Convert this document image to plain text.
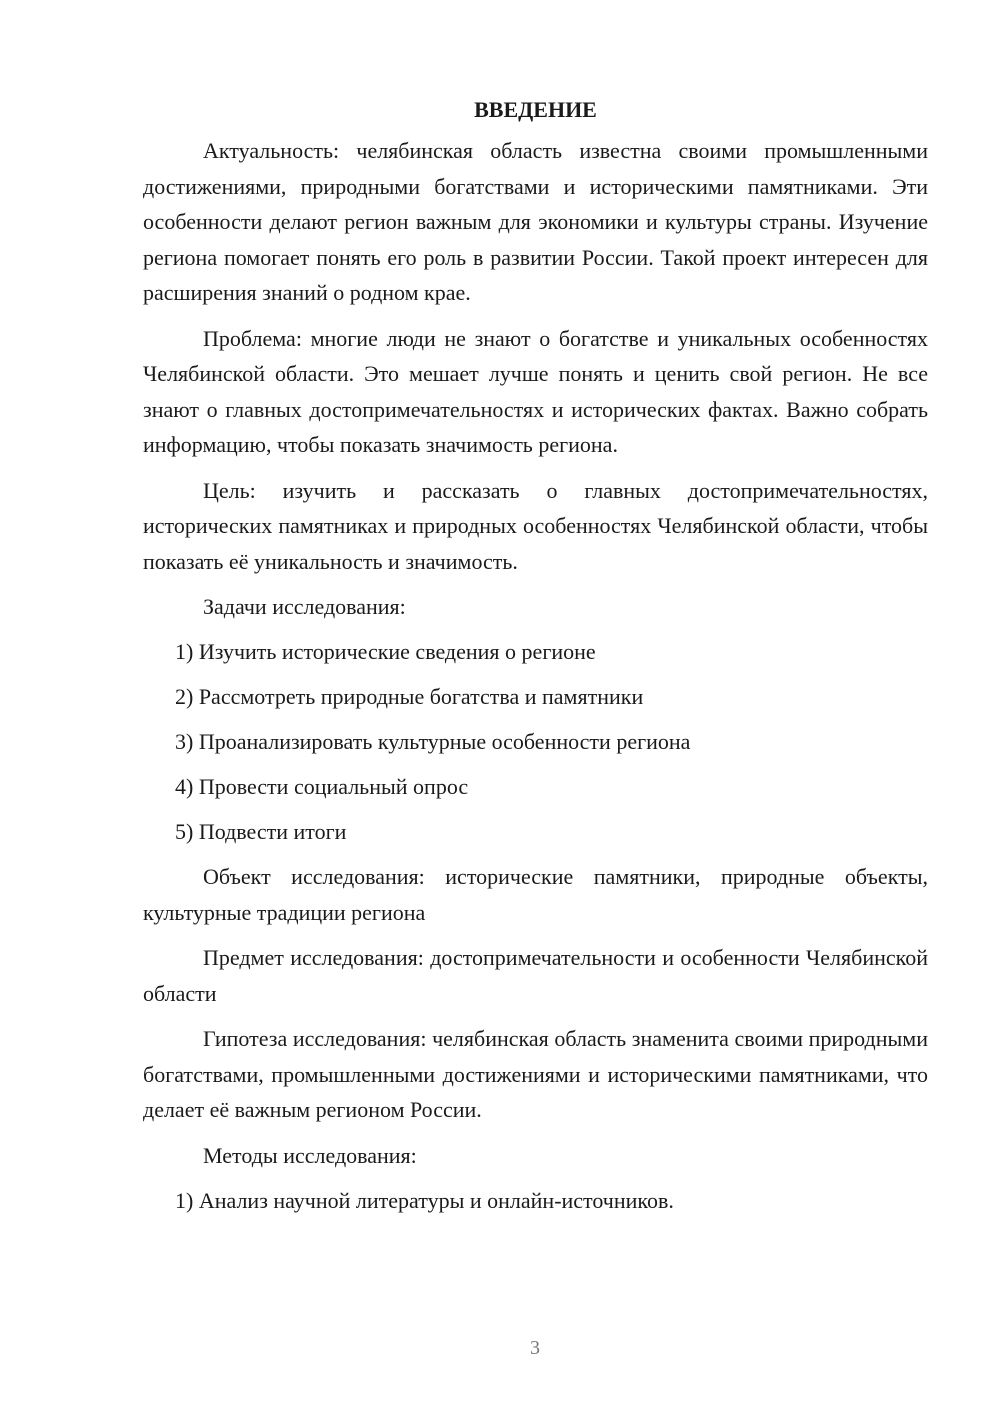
ВВЕДЕНИЕ

Актуальность: челябинская область известна своими промышленными достижениями, природными богатствами и историческими памятниками. Эти особенности делают регион важным для экономики и культуры страны. Изучение региона помогает понять его роль в развитии России. Такой проект интересен для расширения знаний о родном крае.

Проблема: многие люди не знают о богатстве и уникальных особенностях Челябинской области. Это мешает лучше понять и ценить свой регион. Не все знают о главных достопримечательностях и исторических фактах. Важно собрать информацию, чтобы показать значимость региона.

Цель: изучить и рассказать о главных достопримечательностях, исторических памятниках и природных особенностях Челябинской области, чтобы показать её уникальность и значимость.

Задачи исследования:

1) Изучить исторические сведения о регионе
2) Рассмотреть природные богатства и памятники
3) Проанализировать культурные особенности региона
4) Провести социальный опрос
5) Подвести итоги

Объект исследования: исторические памятники, природные объекты, культурные традиции региона

Предмет исследования: достопримечательности и особенности Челябинской области

Гипотеза исследования: челябинская область знаменита своими природными богатствами, промышленными достижениями и историческими памятниками, что делает её важным регионом России.

Методы исследования:

1) Анализ научной литературы и онлайн-источников.
3
